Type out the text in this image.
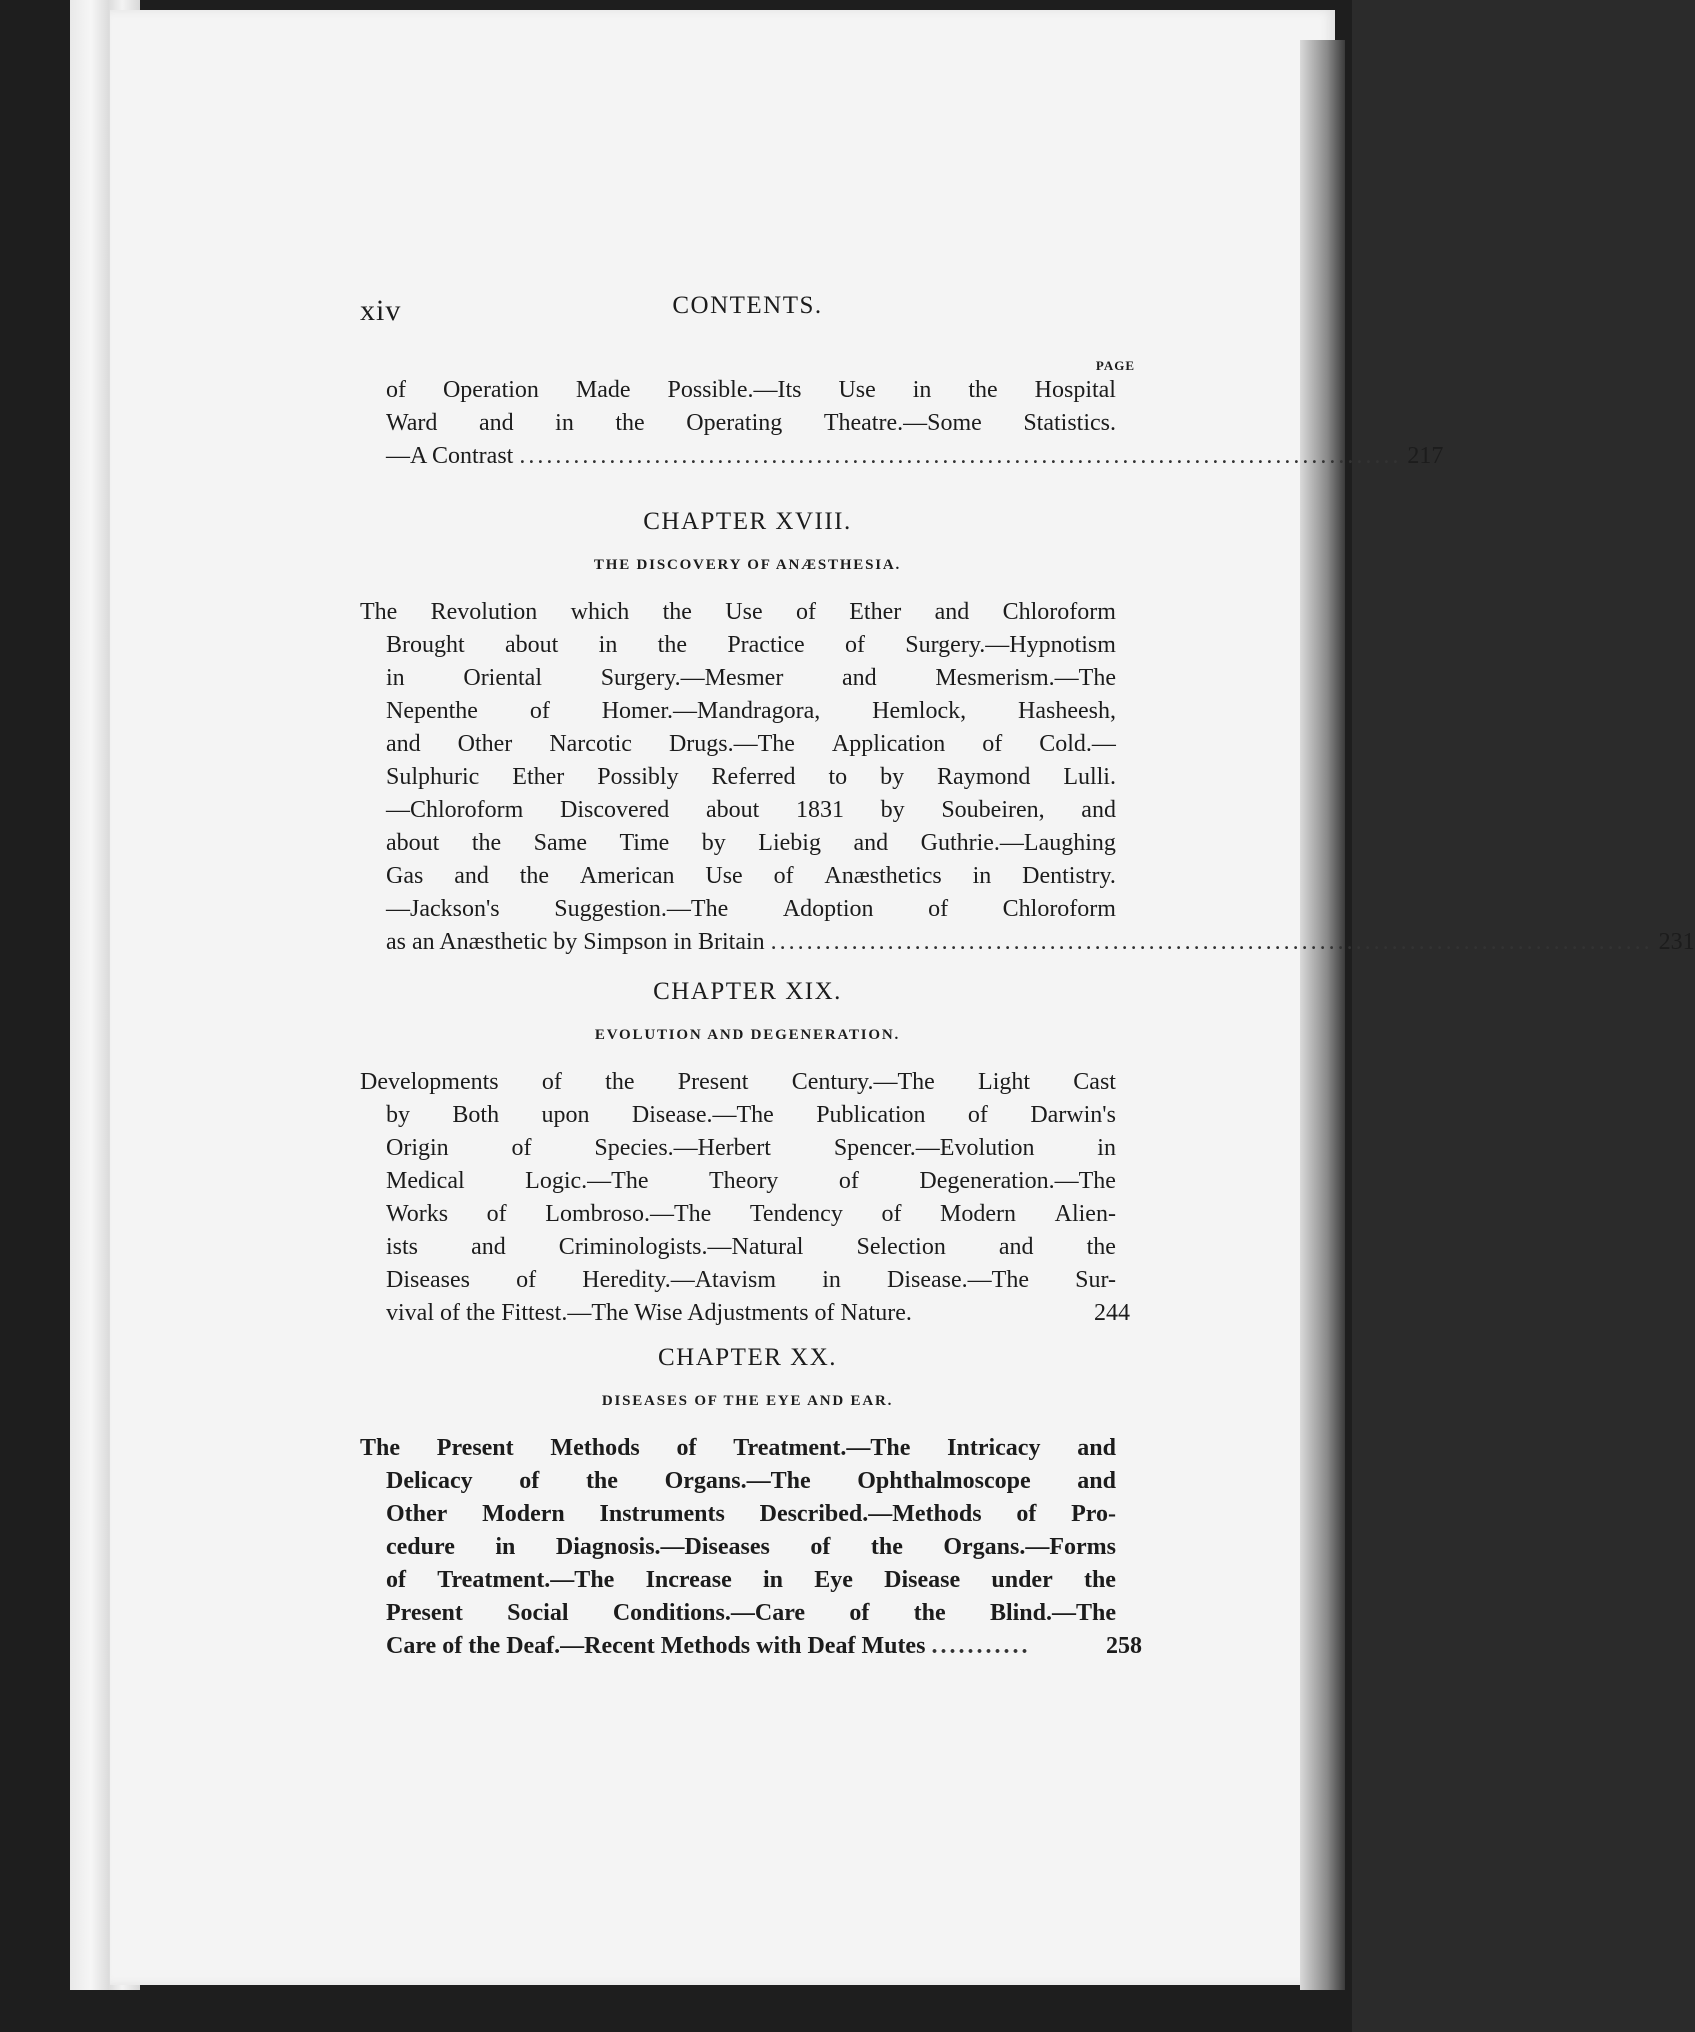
xiv	CONTENTS.
PAGE
of Operation Made Possible.—Its Use in the Hospital
Ward and in the Operating Theatre.—Some Statistics.
—A Contrast .................................................................................................. 217
CHAPTER XVIII.
THE DISCOVERY OF ANÆSTHESIA.
The Revolution which the Use of Ether and Chloroform
Brought about in the Practice of Surgery.—Hypnotism
in Oriental Surgery.—Mesmer and Mesmerism.—The
Nepenthe of Homer.—Mandragora, Hemlock, Hasheesh,
and Other Narcotic Drugs.—The Application of Cold.—
Sulphuric Ether Possibly Referred to by Raymond Lulli.
—Chloroform Discovered about 1831 by Soubeiren, and
about the Same Time by Liebig and Guthrie.—Laughing
Gas and the American Use of Anæsthetics in Dentistry.
—Jackson's Suggestion.—The Adoption of Chloroform
as an Anæsthetic by Simpson in Britain .................................................................................................. 231
CHAPTER XIX.
EVOLUTION AND DEGENERATION.
Developments of the Present Century.—The Light Cast
by Both upon Disease.—The Publication of Darwin's
Origin	of	Species.—Herbert	Spencer.—Evolution	in
Medical	Logic.—The	Theory	of	Degeneration.—The
Works of Lombroso.—The Tendency of Modern Alien-
ists and Criminologists.—Natural Selection and the
Diseases of Heredity.—Atavism in Disease.—The Sur-
vival of the Fittest.—The Wise Adjustments of Nature.	244
CHAPTER XX.
DISEASES OF THE EYE AND EAR.
The Present Methods of Treatment.—The Intricacy and
Delicacy of the Organs.—The Ophthalmoscope and
Other Modern Instruments Described.—Methods of Pro-
cedure in Diagnosis.—Diseases of the Organs.—Forms
of Treatment.—The Increase in Eye Disease under the
Present Social Conditions.—Care of the Blind.—The
Care of the Deaf.—Recent Methods with Deaf Mutes ...........	258
